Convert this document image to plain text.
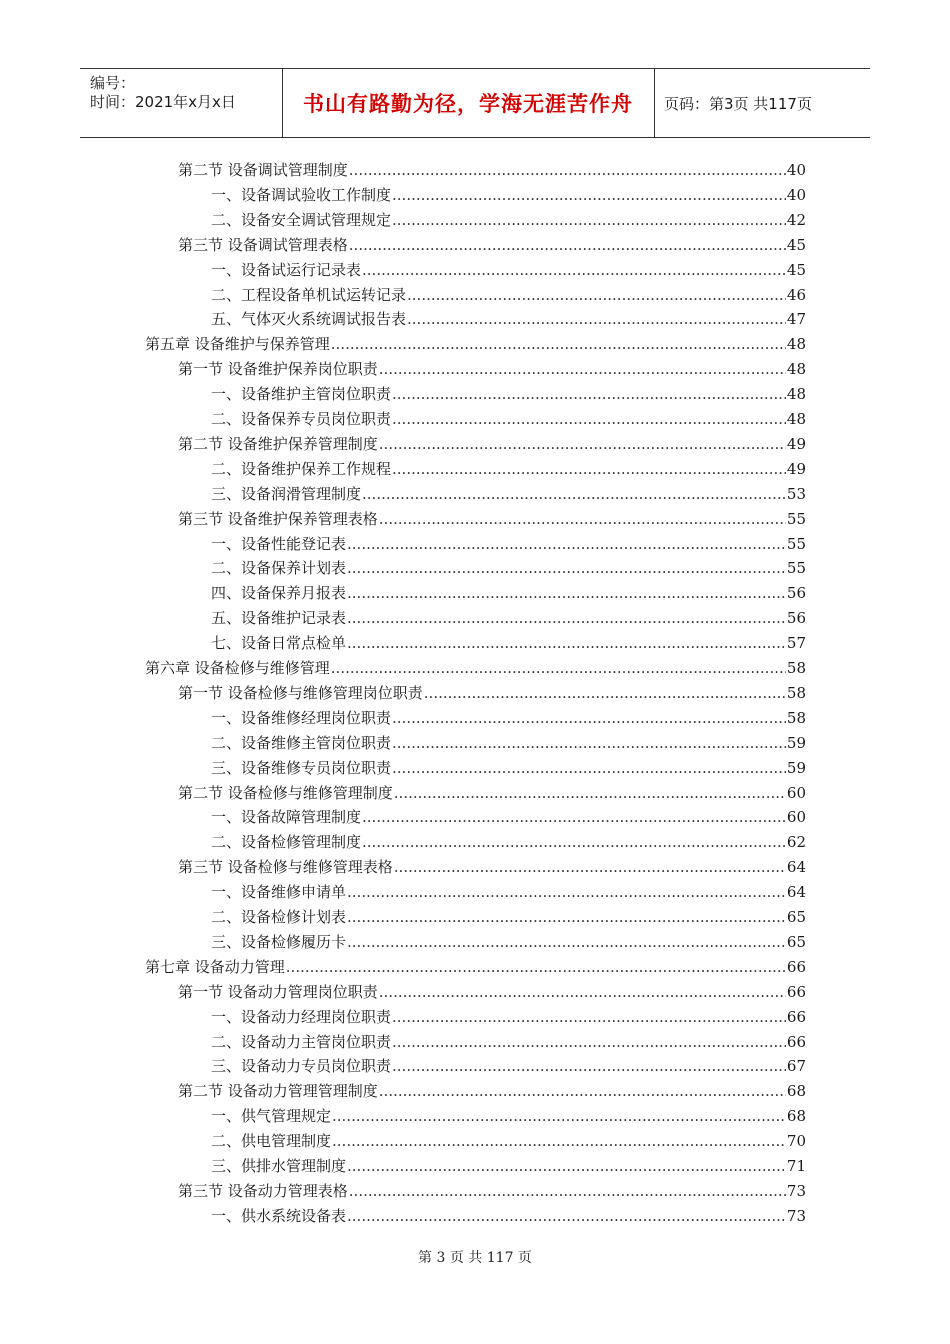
编号：
时间：2021年x月x日	书山有路勤为径，学海无涯苦作舟	页码：第3页 共117页
第二节 设备调试管理制度 .....	40
一、设备调试验收工作制度 .....	40
二、设备安全调试管理规定 .....	42
第三节 设备调试管理表格 .....	45
一、设备试运行记录表 .....	45
二、工程设备单机试运转记录 .....	46
五、气体灭火系统调试报告表 .....	47
第五章 设备维护与保养管理 .....	48
第一节 设备维护保养岗位职责 .....	48
一、设备维护主管岗位职责 .....	48
二、设备保养专员岗位职责 .....	48
第二节 设备维护保养管理制度 .....	49
二、设备维护保养工作规程 .....	49
三、设备润滑管理制度 .....	53
第三节 设备维护保养管理表格 .....	55
一、设备性能登记表 .....	55
二、设备保养计划表 .....	55
四、设备保养月报表 .....	56
五、设备维护记录表 .....	56
七、设备日常点检单 .....	57
第六章 设备检修与维修管理 .....	58
第一节 设备检修与维修管理岗位职责 .....	58
一、设备维修经理岗位职责 .....	58
二、设备维修主管岗位职责 .....	59
三、设备维修专员岗位职责 .....	59
第二节 设备检修与维修管理制度 .....	60
一、设备故障管理制度 .....	60
二、设备检修管理制度 .....	62
第三节 设备检修与维修管理表格 .....	64
一、设备维修申请单 .....	64
二、设备检修计划表 .....	65
三、设备检修履历卡 .....	65
第七章 设备动力管理 .....	66
第一节 设备动力管理岗位职责 .....	66
一、设备动力经理岗位职责 .....	66
二、设备动力主管岗位职责 .....	66
三、设备动力专员岗位职责 .....	67
第二节 设备动力管理管理制度 .....	68
一、供气管理规定 .....	68
二、供电管理制度 .....	70
三、供排水管理制度 .....	71
第三节 设备动力管理表格 .....	73
一、供水系统设备表 .....	73
第 3 页 共 117 页
